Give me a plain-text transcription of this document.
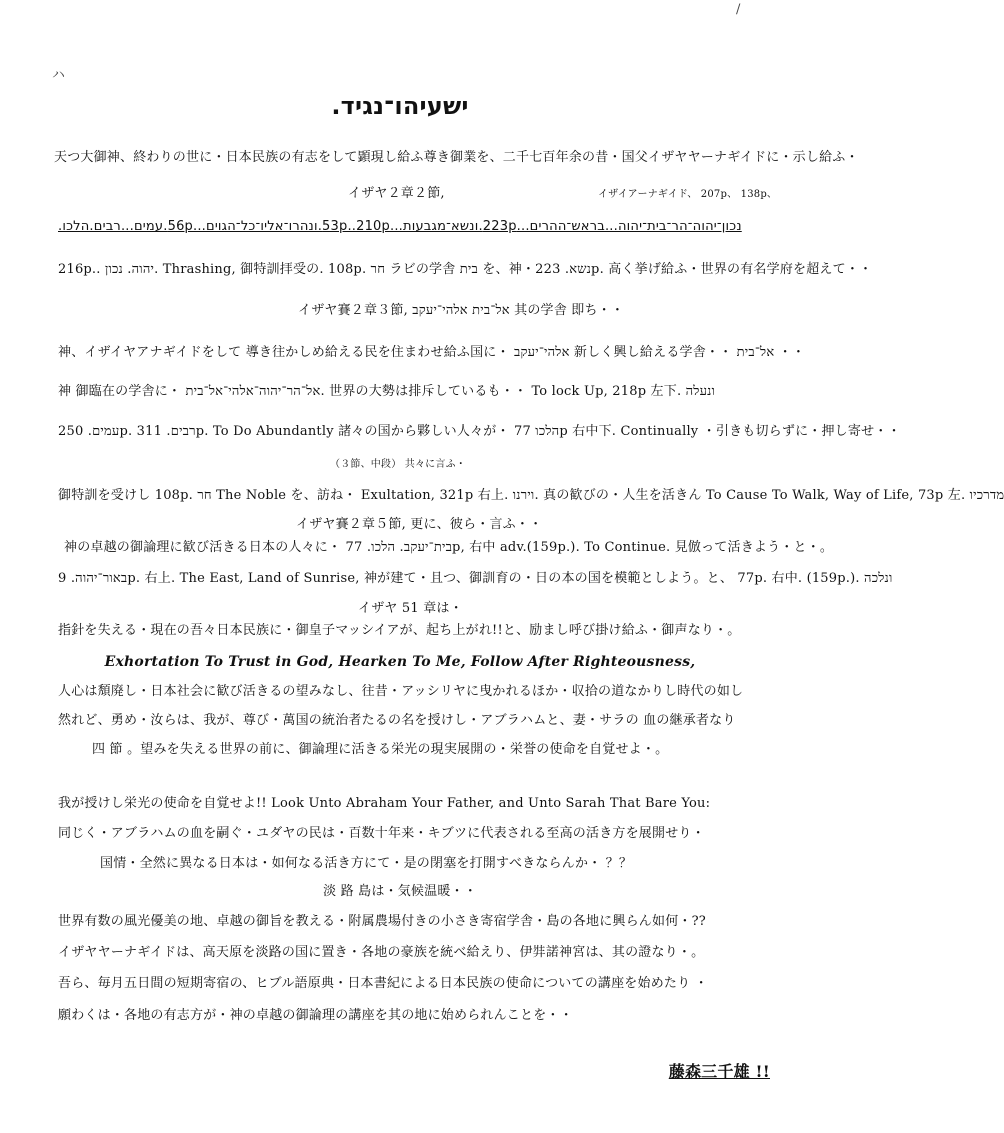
ハ
/
ישעיהו־נגיד.
天つ大御神、終わりの世に・日本民族の有志をして顕現し給ふ尊き御業を、二千七百年余の昔・国父イザヤヤーナギイドに・示し給ふ・
イザヤ２章２節,	イザイアーナギイド、 207p、 138p、
נכון־יהוה־הר־בית־יהוה...בראש־ההרים...223p.ונשא־מגבעות...53p..210p.ונהרו־אליו־כל־הגוים...56p.עמים...רבים.הלכו.
216p.. יהוה. נכון. Thrashing, 御特訓拝受の. 108p. חר ラビの学舎 בית を、神・נשא. 223p. 高く挙げ給ふ・世界の有名学府を超えて・・
イザヤ賽２章３節, אל־בית אלהי־יעקב 其の学舎 即ち・・
神、イザイヤアナギイドをして 導き往かしめ給える民を住まわせ給ふ国に・ אלהי־יעקב 新しく興し給える学舎・・ אל־בית ・・
神 御臨在の学舎に・ אל־הר־יהוה־אלהי־אל־בית. 世界の大勢は排斥しているも・・ To lock Up, 218p 左下. ונעלה
עמים. 250p. רבים. 311p. To Do Abundantly 諸々の国から夥しい人々が・ הלכו 77p 右中下. Continually ・引きも切らずに・押し寄せ・・
（３節、中段） 共々に言ふ・
御特訓を受けし 108p. חר The Noble を、訪ね・ Exultation, 321p 右上. וירנו. 真の歓びの・人生を活きん To Cause To Walk, Way of Life, 73p 左. מדרכיו
イザヤ賽２章５節, 更に、彼ら・言ふ・・
神の卓越の御論理に歓び活きる日本の人々に・ בית־יעקב. הלכו. 77p, 右中 adv.(159p.). To Continue. 見倣って活きよう・と・。
באור־יהוה. 9p. 右上. The East, Land of Sunrise, 神が建て・且つ、御訓育の・日の本の国を模範としよう。と、 77p. 右中. (159p.). ונלכה
イザヤ 51 章は・
指針を失える・現在の吾々日本民族に・御皇子マッシイアが、起ち上がれ!!と、励まし呼び掛け給ふ・御声なり・。
Exhortation To Trust in God, Hearken To Me, Follow After Righteousness,
人心は頽廃し・日本社会に歓び活きるの望みなし、往昔・アッシリヤに曳かれるほか・収拾の道なかりし時代の如し
然れど、勇め・汝らは、我が、尊び・萬国の統治者たるの名を授けし・アブラハムと、妻・サラの 血の継承者なり
四 節 。望みを失える世界の前に、御論理に活きる栄光の現実展開の・栄誉の使命を自覚せよ・。
我が授けし栄光の使命を自覚せよ!! Look Unto Abraham Your Father, and Unto Sarah That Bare You:
同じく・アブラハムの血を嗣ぐ・ユダヤの民は・百数十年来・キブツに代表される至高の活き方を展開せり・
国情・全然に異なる日本は・如何なる活き方にて・是の閉塞を打開すべきならんか・ ？？
淡 路 島は・気候温暖・・
世界有数の風光優美の地、卓越の御旨を教える・附属農場付きの小さき寄宿学舎・島の各地に興らん如何・??
イザヤヤーナギイドは、高天原を淡路の国に置き・各地の豪族を統べ給えり、伊弉諾神宮は、其の證なり・。
吾ら、毎月五日間の短期寄宿の、ヒブル語原典・日本書紀による日本民族の使命についての講座を始めたり ・
願わくは・各地の有志方が・神の卓越の御論理の講座を其の地に始められんことを・・
藤森三千雄 !!
